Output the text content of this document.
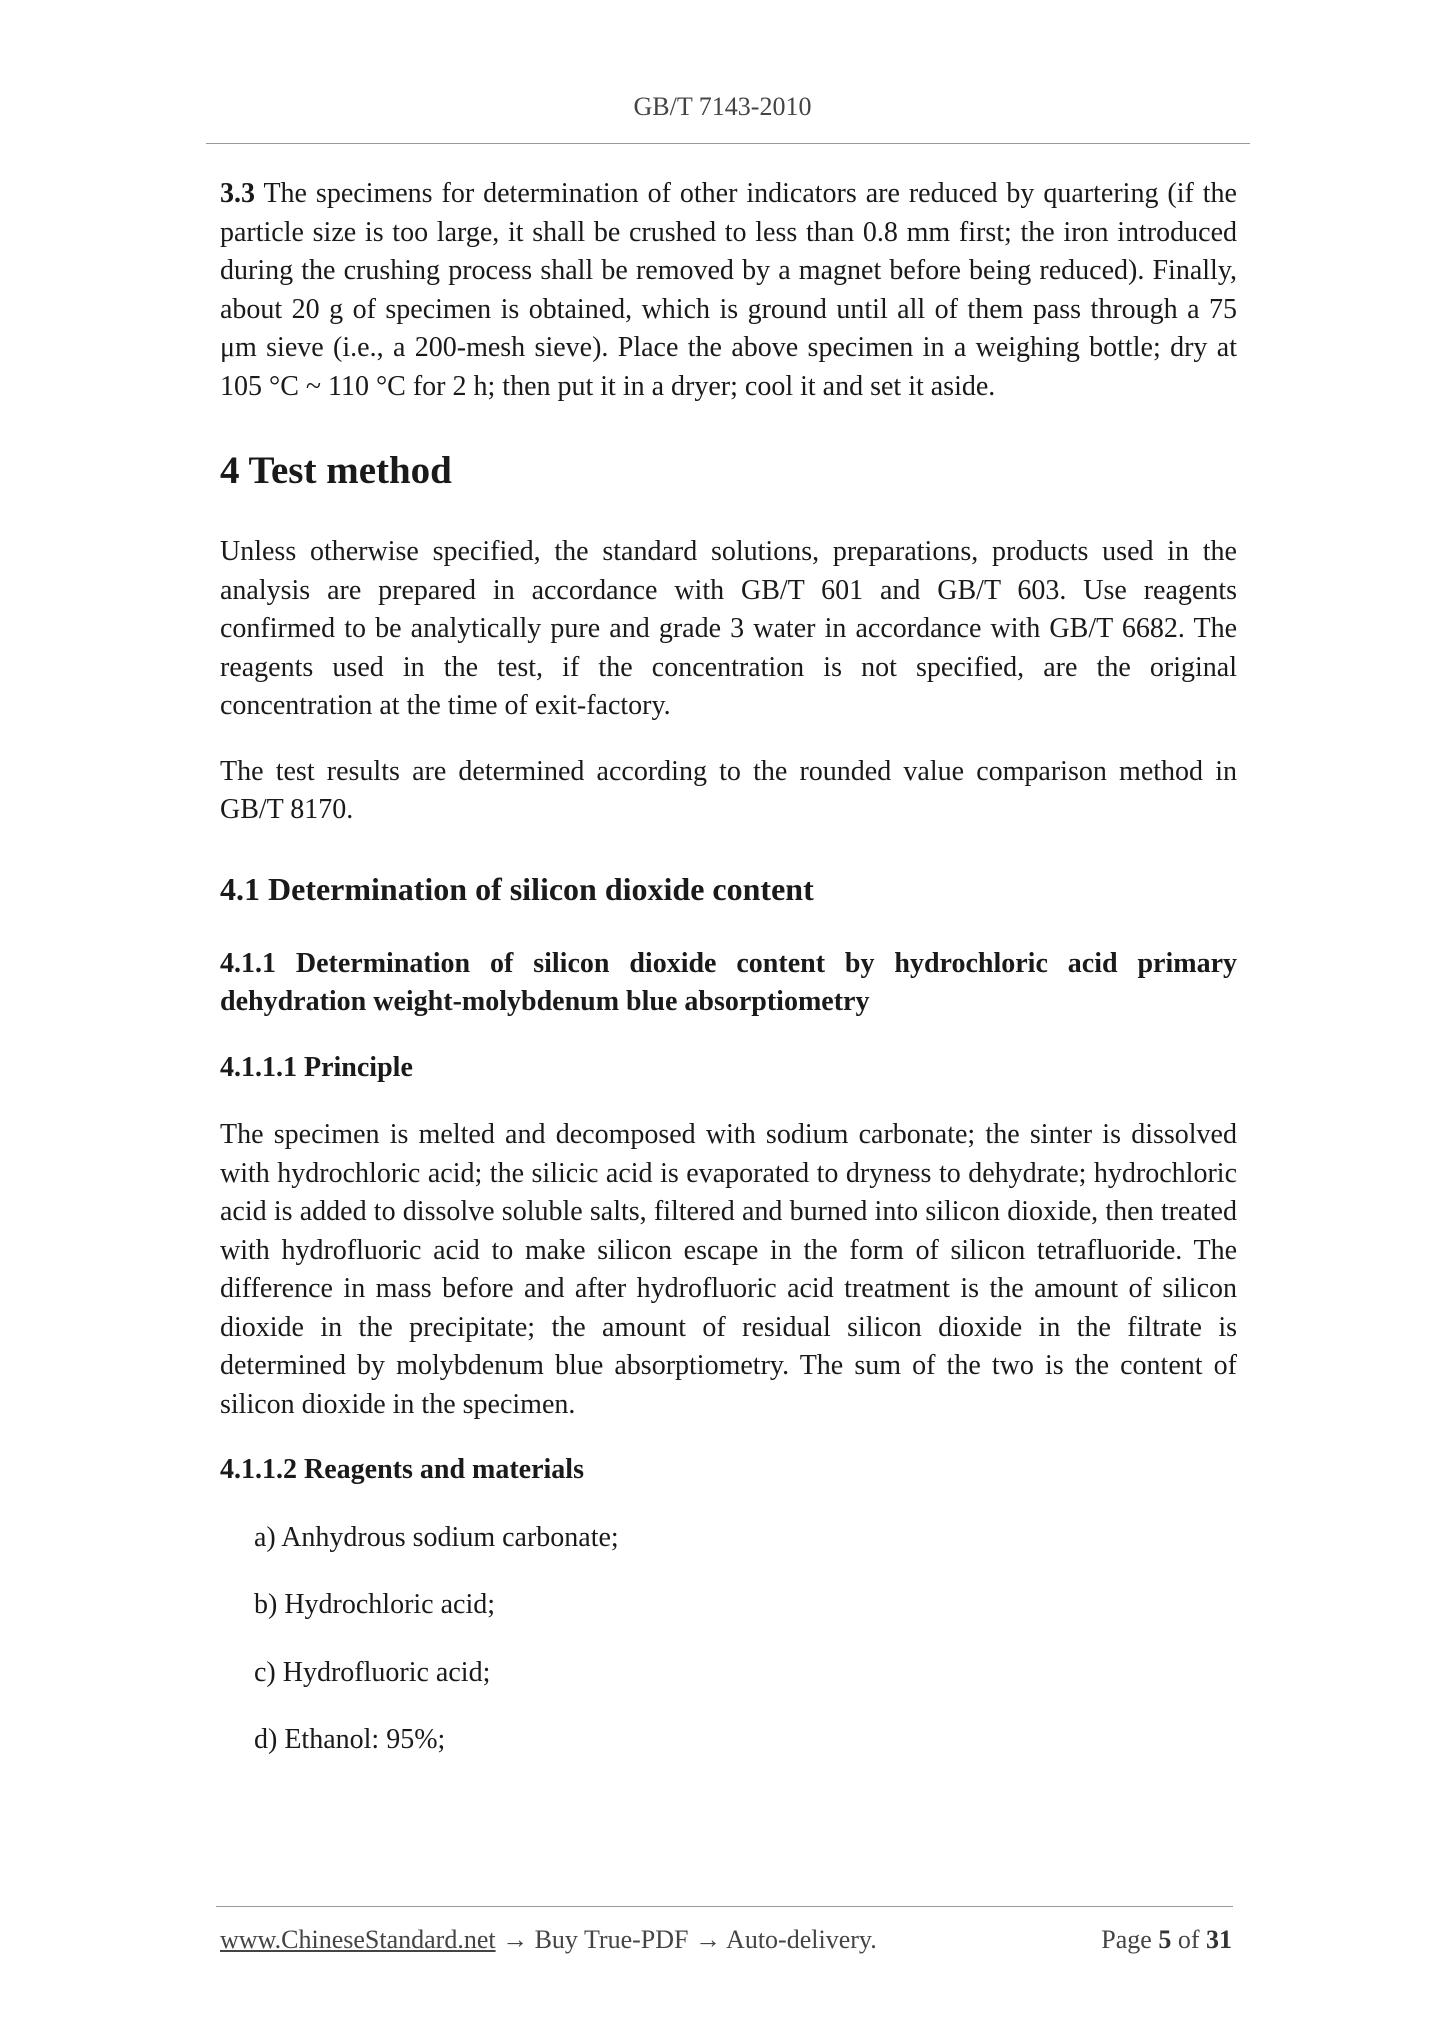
GB/T 7143-2010

3.3 The specimens for determination of other indicators are reduced by quartering (if the particle size is too large, it shall be crushed to less than 0.8 mm first; the iron introduced during the crushing process shall be removed by a magnet before being reduced). Finally, about 20 g of specimen is obtained, which is ground until all of them pass through a 75 μm sieve (i.e., a 200-mesh sieve). Place the above specimen in a weighing bottle; dry at 105 °C ~ 110 °C for 2 h; then put it in a dryer; cool it and set it aside.

4 Test method

Unless otherwise specified, the standard solutions, preparations, products used in the analysis are prepared in accordance with GB/T 601 and GB/T 603. Use reagents confirmed to be analytically pure and grade 3 water in accordance with GB/T 6682. The reagents used in the test, if the concentration is not specified, are the original concentration at the time of exit-factory.

The test results are determined according to the rounded value comparison method in GB/T 8170.

4.1 Determination of silicon dioxide content
4.1.1 Determination of silicon dioxide content by hydrochloric acid primary dehydration weight-molybdenum blue absorptiometry
4.1.1.1 Principle

The specimen is melted and decomposed with sodium carbonate; the sinter is dissolved with hydrochloric acid; the silicic acid is evaporated to dryness to dehydrate; hydrochloric acid is added to dissolve soluble salts, filtered and burned into silicon dioxide, then treated with hydrofluoric acid to make silicon escape in the form of silicon tetrafluoride. The difference in mass before and after hydrofluoric acid treatment is the amount of silicon dioxide in the precipitate; the amount of residual silicon dioxide in the filtrate is determined by molybdenum blue absorptiometry. The sum of the two is the content of silicon dioxide in the specimen.

4.1.1.2 Reagents and materials
a) Anhydrous sodium carbonate;
b) Hydrochloric acid;
c) Hydrofluoric acid;
d) Ethanol: 95%;
www.ChineseStandard.net → Buy True-PDF → Auto-delivery.	Page 5 of 31
